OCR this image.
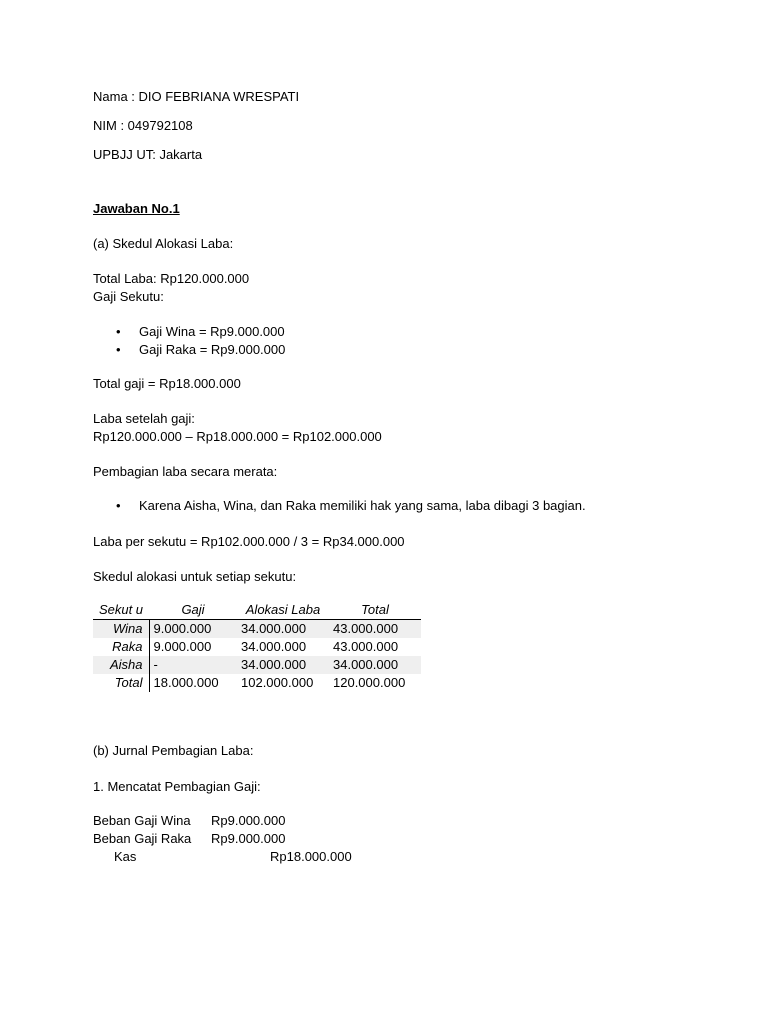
Nama : DIO FEBRIANA WRESPATI
NIM : 049792108
UPBJJ UT: Jakarta
Jawaban No.1
(a) Skedul Alokasi Laba:
Total Laba: Rp120.000.000
Gaji Sekutu:
• Gaji Wina = Rp9.000.000
• Gaji Raka = Rp9.000.000
Total gaji = Rp18.000.000
Laba setelah gaji:
Rp120.000.000 – Rp18.000.000 = Rp102.000.000
Pembagian laba secara merata:
• Karena Aisha, Wina, dan Raka memiliki hak yang sama, laba dibagi 3 bagian.
Laba per sekutu = Rp102.000.000 / 3 = Rp34.000.000
Skedul alokasi untuk setiap sekutu:
Sekut u	Gaji	Alokasi Laba	Total
Wina	9.000.000	34.000.000	43.000.000
Raka	9.000.000	34.000.000	43.000.000
Aisha	-	34.000.000	34.000.000
Total	18.000.000	102.000.000	120.000.000
(b) Jurnal Pembagian Laba:
1. Mencatat Pembagian Gaji:
Beban Gaji Wina Rp9.000.000
Beban Gaji Raka Rp9.000.000
Kas	Rp18.000.000
